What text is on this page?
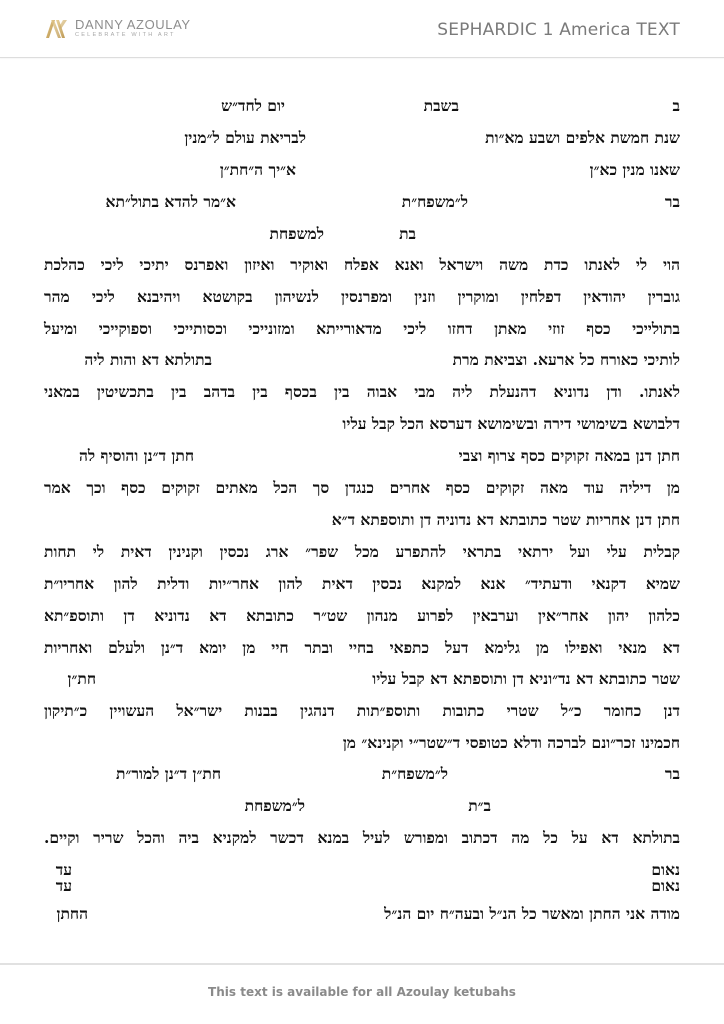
DANNY AZOULAY
CELEBRATE WITH ART	SEPHARDIC 1 America TEXT
ב
בשבת
יום לחד״ש
שנת חמשת אלפים ושבע מא״ות
לבריאת עולם ל״מנין
שאנו מנין כא״ן
א״יך ה״חת״ן
בר
ל״משפח״ת
א״מר להדא בתול״תא
בת
למשפחת
הוי לי לאנתו כדת משה וישראל ואנא אפלח ואוקיר ואיזון ואפרנס יתיכי ליכי כהלכת
גוברין יהודאין דפלחין ומוקרין וזנין ומפרנסין לנשיהון בקושטא ויהיבנא ליכי מהר
בתולייכי כסף זוזי מאתן דחזו ליכי מדאורייתא ומזונייכי וכסותייכי וספוקייכי ומיעל
לותיכי כאורח כל ארעא. וצביאת מרת
בתולתא דא והות ליה
לאנתו. ודן נדוניא דהנעלת ליה מבי אבוה בין בכסף בין בדהב בין בתכשיטין במאני
דלבושא בשימושי דירה ובשימושא דערסא הכל קבל עליו
חתן דנן במאה זקוקים כסף צרוף וצבי
חתן ד״נן והוסיף לה
מן דיליה עוד מאה זקוקים כסף אחרים כנגדן סך הכל מאתים זקוקים כסף וכך אמר
חתן דנן אחריות שטר כתובתא דא נדוניה דן ותוספתא ד״א
קבלית עלי ועל ירתאי בתראי להתפרע מכל שפר״ ארג נכסין וקנינין דאית לי תחות
שמיא דקנאי ודעתיד״ אנא למקנא נכסין דאית להון אחר״יות ודלית להון אחריו״ת
כלהון יהון אחר״אין וערבאין לפרוע מנהון שט״ר כתובתא דא נדוניא דן ותוספ״תא
דא מנאי ואפילו מן גלימא דעל כתפאי בחיי ובתר חיי מן יומא ד״נן ולעלם ואחריות
שטר כתובתא דא נד״וניא דן ותוספתא דא קבל עליו
חת״ן
דנן כחומר כ״ל שטרי כתובות ותוספ״תות דנהגין בבנות ישר״אל העשויין כ״תיקון
חכמינו זכר״ונם לברכה ודלא כטופסי ד״שטר״י וקנינא״ מן
בר
ל״משפח״ת
חת״ן ד״נן למור״ת
ב״ת
ל״משפחת
בתולתא דא על כל מה דכתוב ומפורש לעיל במנא דכשר למקניא ביה והכל שריר וקיים.
נאום
עד
נאום
עד
מודה אני החתן ומאשר כל הנ״ל ובעה״ח יום הנ״ל
החתן
This text is available for all Azoulay ketubahs
